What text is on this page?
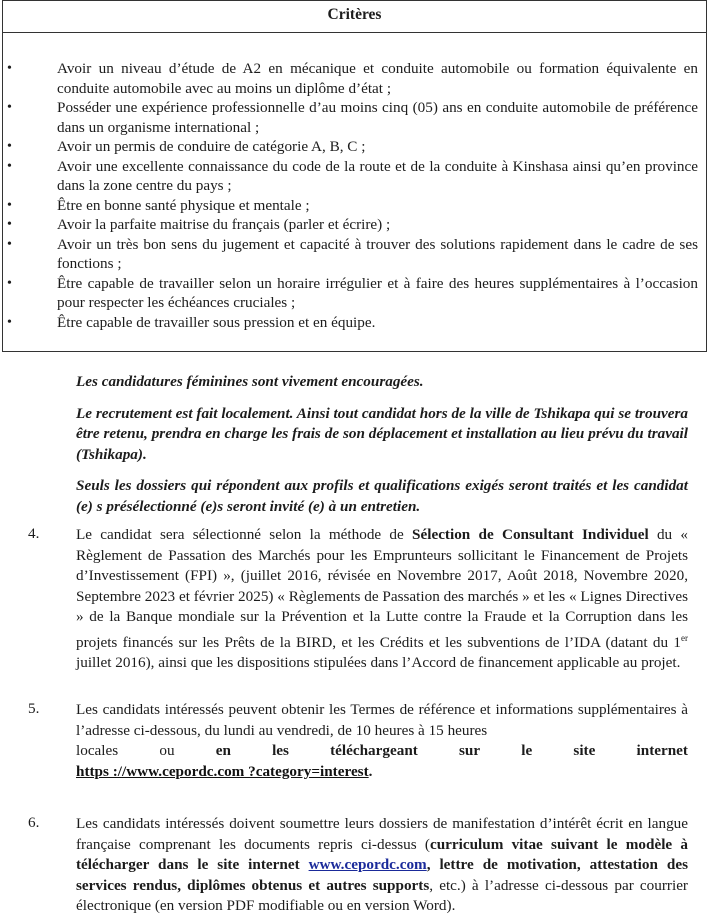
Critères
•	Avoir un niveau d’étude de A2 en mécanique et conduite automobile ou formation équivalente en conduite automobile avec au moins un diplôme d’état ;
•	Posséder une expérience professionnelle d’au moins cinq (05) ans en conduite automobile de préférence dans un organisme international ;
•	Avoir un permis de conduire de catégorie A, B, C ;
•	Avoir une excellente connaissance du code de la route et de la conduite à Kinshasa ainsi qu’en province dans la zone centre du pays ;
•	Être en bonne santé physique et mentale ;
•	Avoir la parfaite maitrise du français (parler et écrire) ;
•	Avoir un très bon sens du jugement et capacité à trouver des solutions rapidement dans le cadre de ses fonctions ;
•	Être capable de travailler selon un horaire irrégulier et à faire des heures supplémentaires à l’occasion pour respecter les échéances cruciales ;
•	Être capable de travailler sous pression et en équipe.

Les candidatures féminines sont vivement encouragées.

Le recrutement est fait localement. Ainsi tout candidat hors de la ville de Tshikapa qui se trouvera être retenu, prendra en charge les frais de son déplacement et installation au lieu prévu du travail (Tshikapa).

Seuls les dossiers qui répondent aux profils et qualifications exigés seront traités et les candidat (e) s présélectionné (e)s seront invité (e) à un entretien.

4. Le candidat sera sélectionné selon la méthode de Sélection de Consultant Individuel du « Règlement de Passation des Marchés pour les Emprunteurs sollicitant le Financement de Projets d’Investissement (FPI) », (juillet 2016, révisée en Novembre 2017, Août 2018, Novembre 2020, Septembre 2023 et février 2025) « Règlements de Passation des marchés » et les « Lignes Directives » de la Banque mondiale sur la Prévention et la Lutte contre la Fraude et la Corruption dans les projets financés sur les Prêts de la BIRD, et les Crédits et les subventions de l’IDA (datant du 1er juillet 2016), ainsi que les dispositions stipulées dans l’Accord de financement applicable au projet.
5. Les candidats intéressés peuvent obtenir les Termes de référence et informations supplémentaires à l’adresse ci-dessous, du lundi au vendredi, de 10 heures à 15 heures
locales	ou	en	les	téléchargeant	sur	le	site	internet
https ://www.cepordc.com ?category=interest.
6. Les candidats intéressés doivent soumettre leurs dossiers de manifestation d’intérêt écrit en langue française comprenant les documents repris ci-dessus (curriculum vitae suivant le modèle à télécharger dans le site internet www.cepordc.com, lettre de motivation, attestation des services rendus, diplômes obtenus et autres supports, etc.) à l’adresse ci-dessous par courrier électronique (en version PDF modifiable ou en version Word).
